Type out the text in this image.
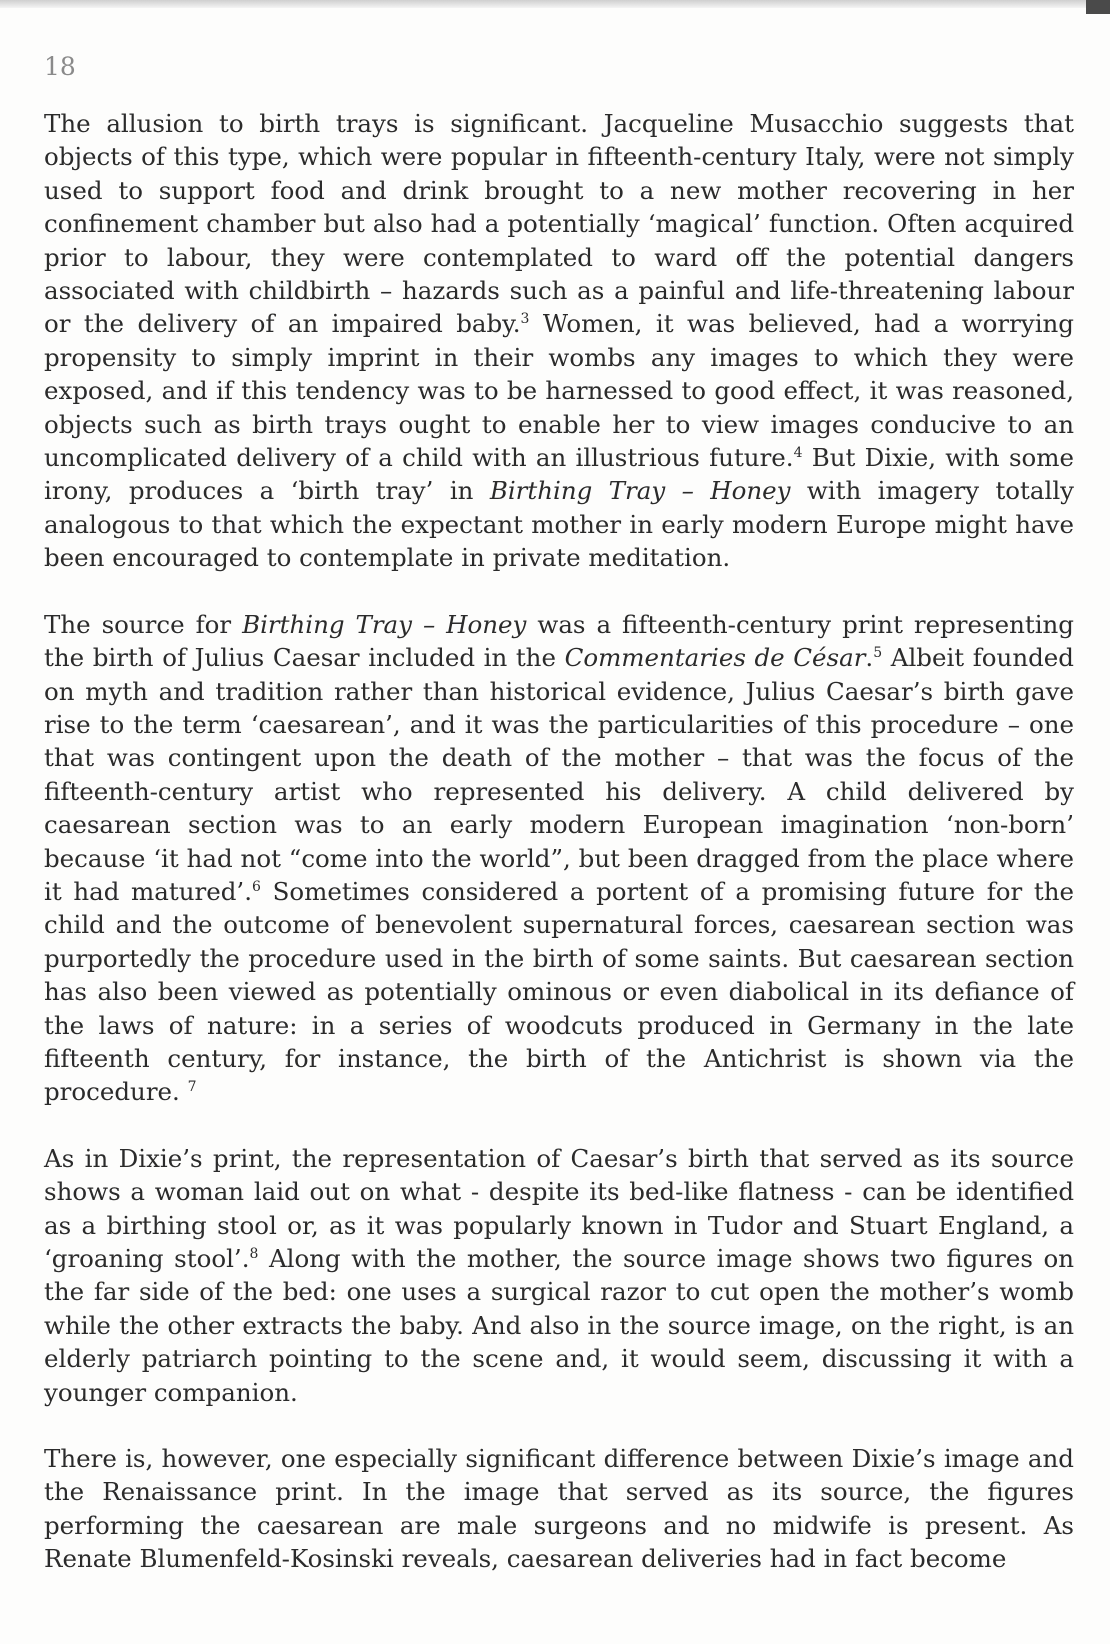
18

The allusion to birth trays is significant. Jacqueline Musacchio suggests that objects of this type, which were popular in fifteenth-century Italy, were not simply used to support food and drink brought to a new mother recovering in her confinement chamber but also had a potentially ‘magical’ function. Often acquired prior to labour, they were contemplated to ward off the potential dangers associated with childbirth – hazards such as a painful and life-threatening labour or the delivery of an impaired baby.$^3$ Women, it was believed, had a worrying propensity to simply imprint in their wombs any images to which they were exposed, and if this tendency was to be harnessed to good effect, it was reasoned, objects such as birth trays ought to enable her to view images conducive to an uncomplicated delivery of a child with an illustrious future.$^4$ But Dixie, with some irony, produces a ‘birth tray’ in Birthing Tray – Honey with imagery totally analogous to that which the expectant mother in early modern Europe might have been encouraged to contemplate in private meditation.

The source for Birthing Tray – Honey was a fifteenth-century print representing the birth of Julius Caesar included in the Commentaries de César.$^5$ Albeit founded on myth and tradition rather than historical evidence, Julius Caesar’s birth gave rise to the term ‘caesarean’, and it was the particularities of this procedure – one that was contingent upon the death of the mother – that was the focus of the fifteenth-century artist who represented his delivery. A child delivered by caesarean section was to an early modern European imagination ‘non-born’ because ‘it had not “come into the world”, but been dragged from the place where it had matured’.$^6$ Sometimes considered a portent of a promising future for the child and the outcome of benevolent supernatural forces, caesarean section was purportedly the procedure used in the birth of some saints. But caesarean section has also been viewed as potentially ominous or even diabolical in its defiance of the laws of nature: in a series of woodcuts produced in Germany in the late fifteenth century, for instance, the birth of the Antichrist is shown via the procedure. $^7$

As in Dixie’s print, the representation of Caesar’s birth that served as its source shows a woman laid out on what - despite its bed-like flatness - can be identified as a birthing stool or, as it was popularly known in Tudor and Stuart England, a ‘groaning stool’.$^8$ Along with the mother, the source image shows two figures on the far side of the bed: one uses a surgical razor to cut open the mother’s womb while the other extracts the baby. And also in the source image, on the right, is an elderly patriarch pointing to the scene and, it would seem, discussing it with a younger companion.

There is, however, one especially significant difference between Dixie’s image and the Renaissance print. In the image that served as its source, the figures performing the caesarean are male surgeons and no midwife is present. As Renate Blumenfeld-Kosinski reveals, caesarean deliveries had in fact become
